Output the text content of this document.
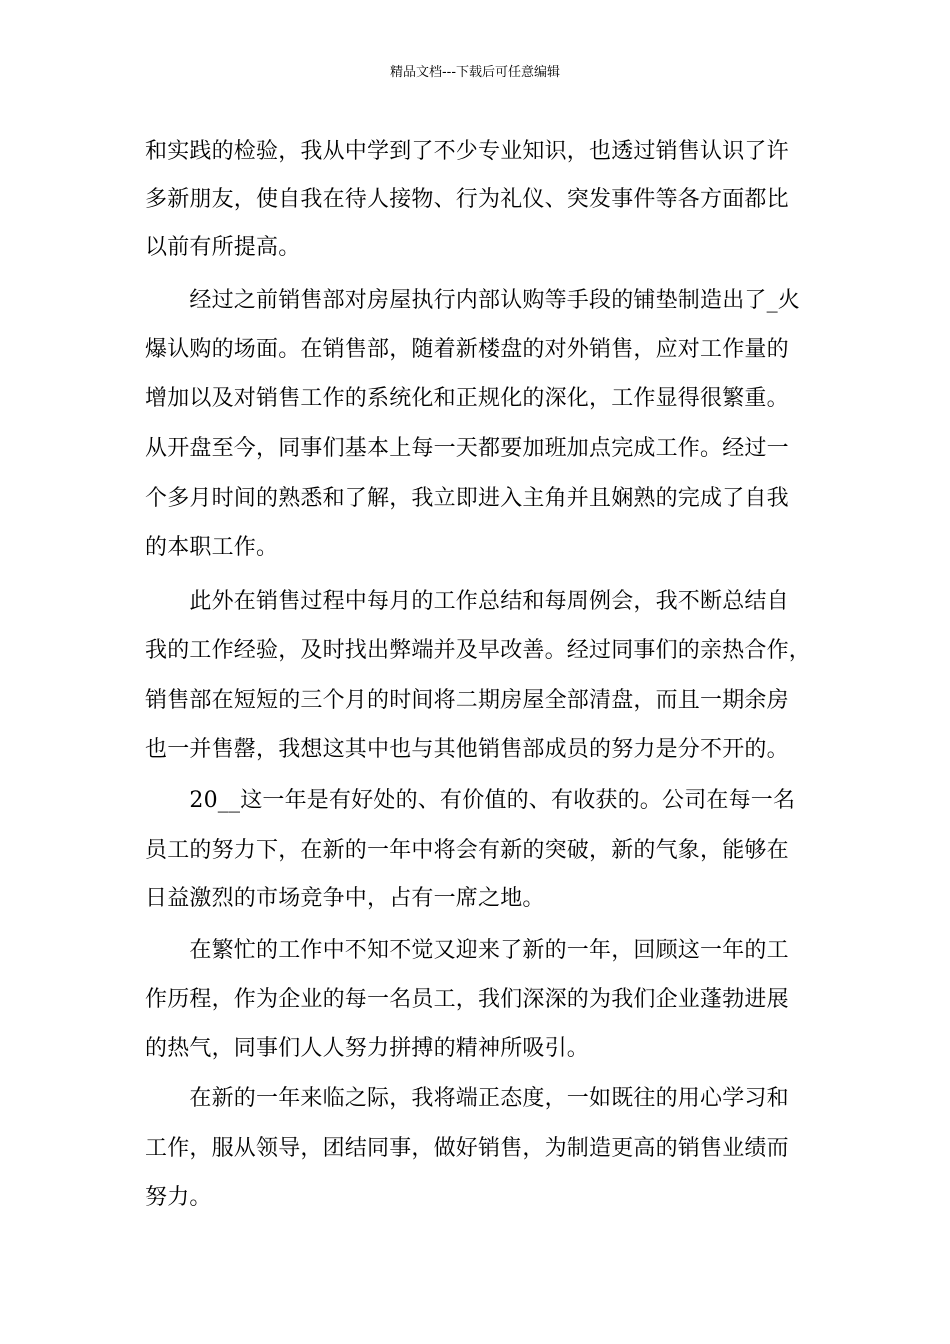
精品文档---下载后可任意编辑
和实践的检验，我从中学到了不少专业知识，也透过销售认识了许
多新朋友，使自我在待人接物、行为礼仪、突发事件等各方面都比
以前有所提高。
　　经过之前销售部对房屋执行内部认购等手段的铺垫制造出了_火
爆认购的场面。在销售部，随着新楼盘的对外销售，应对工作量的
增加以及对销售工作的系统化和正规化的深化，工作显得很繁重。
从开盘至今，同事们基本上每一天都要加班加点完成工作。经过一
个多月时间的熟悉和了解，我立即进入主角并且娴熟的完成了自我
的本职工作。
　　此外在销售过程中每月的工作总结和每周例会，我不断总结自
我的工作经验，及时找出弊端并及早改善。经过同事们的亲热合作，
销售部在短短的三个月的时间将二期房屋全部清盘，而且一期余房
也一并售罄，我想这其中也与其他销售部成员的努力是分不开的。
　　20__这一年是有好处的、有价值的、有收获的。公司在每一名
员工的努力下，在新的一年中将会有新的突破，新的气象，能够在
日益激烈的市场竞争中，占有一席之地。
　　在繁忙的工作中不知不觉又迎来了新的一年，回顾这一年的工
作历程，作为企业的每一名员工，我们深深的为我们企业蓬勃进展
的热气，同事们人人努力拼搏的精神所吸引。
　　在新的一年来临之际，我将端正态度，一如既往的用心学习和
工作，服从领导，团结同事，做好销售，为制造更高的销售业绩而
努力。
